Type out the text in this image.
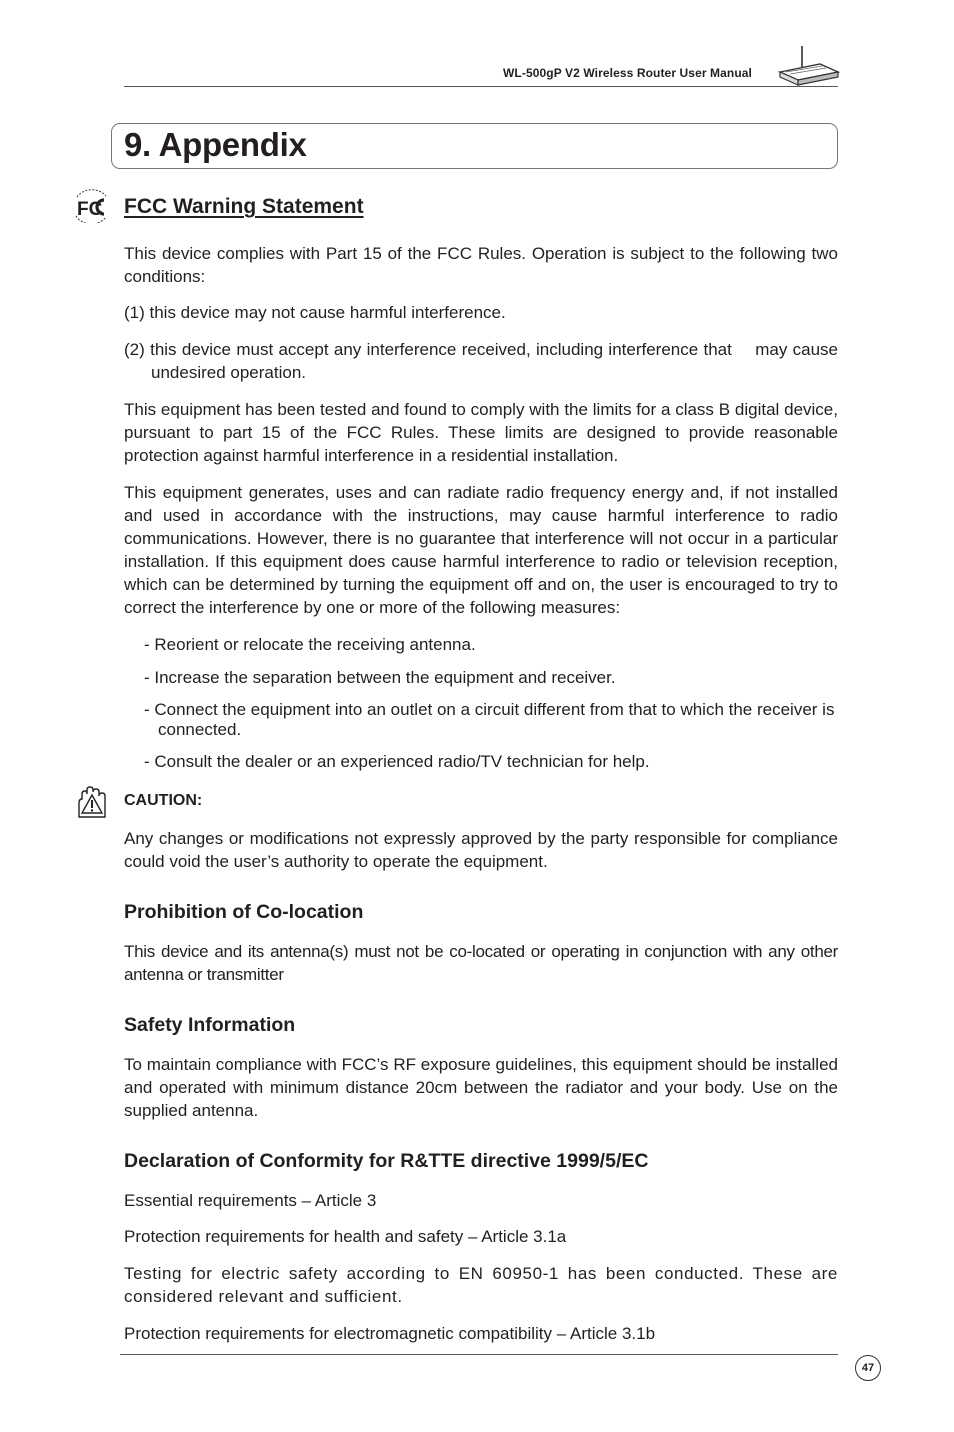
WL-500gP V2 Wireless Router User Manual
9. Appendix
FC FCC Warning Statement

This device complies with Part 15 of the FCC Rules. Operation is subject to the following two conditions:

(1) this device may not cause harmful interference.

(2) this device must accept any interference received, including interference that may cause undesired operation.

This equipment has been tested and found to comply with the limits for a class B digital device, pursuant to part 15 of the FCC Rules. These limits are designed to provide reasonable protection against harmful interference in a residential installation.

This equipment generates, uses and can radiate radio frequency energy and, if not installed and used in accordance with the instructions, may cause harmful interference to radio communications. However, there is no guarantee that interference will not occur in a particular installation. If this equipment does cause harmful interference to radio or television reception, which can be determined by turning the equipment off and on, the user is encouraged to try to correct the interference by one or more of the following measures:

- Reorient or relocate the receiving antenna.

- Increase the separation between the equipment and receiver.

- Connect the equipment into an outlet on a circuit different from that to which the receiver is connected.

- Consult the dealer or an experienced radio/TV technician for help.

CAUTION:

Any changes or modifications not expressly approved by the party responsible for compliance could void the user’s authority to operate the equipment.

Prohibition of Co-location

This device and its antenna(s) must not be co-located or operating in conjunction with any other antenna or transmitter

Safety Information

To maintain compliance with FCC’s RF exposure guidelines, this equipment should be installed and operated with minimum distance 20cm between the radiator and your body. Use on the supplied antenna.

Declaration of Conformity for R&TTE directive 1999/5/EC

Essential requirements – Article 3

Protection requirements for health and safety – Article 3.1a

Testing for electric safety according to EN 60950-1 has been conducted. These are considered relevant and sufficient.

Protection requirements for electromagnetic compatibility – Article 3.1b

47
